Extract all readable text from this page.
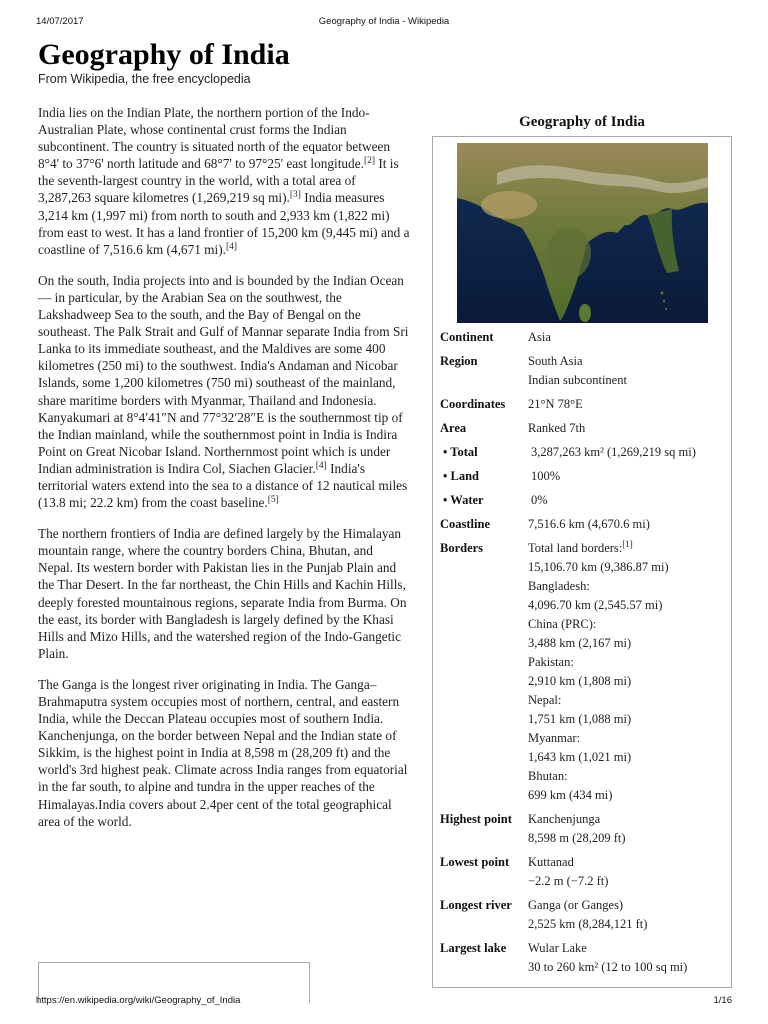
14/07/2017	Geography of India - Wikipedia
Geography of India
From Wikipedia, the free encyclopedia

India lies on the Indian Plate, the northern portion of the Indo-Australian Plate, whose continental crust forms the Indian subcontinent. The country is situated north of the equator between 8°4' to 37°6' north latitude and 68°7' to 97°25' east longitude.[2] It is the seventh-largest country in the world, with a total area of 3,287,263 square kilometres (1,269,219 sq mi).[3] India measures 3,214 km (1,997 mi) from north to south and 2,933 km (1,822 mi) from east to west. It has a land frontier of 15,200 km (9,445 mi) and a coastline of 7,516.6 km (4,671 mi).[4]

On the south, India projects into and is bounded by the Indian Ocean — in particular, by the Arabian Sea on the southwest, the Lakshadweep Sea to the south, and the Bay of Bengal on the southeast. The Palk Strait and Gulf of Mannar separate India from Sri Lanka to its immediate southeast, and the Maldives are some 400 kilometres (250 mi) to the southwest. India's Andaman and Nicobar Islands, some 1,200 kilometres (750 mi) southeast of the mainland, share maritime borders with Myanmar, Thailand and Indonesia. Kanyakumari at 8°4′41″N and 77°32′28″E is the southernmost tip of the Indian mainland, while the southernmost point in India is Indira Point on Great Nicobar Island. Northernmost point which is under Indian administration is Indira Col, Siachen Glacier.[4] India's territorial waters extend into the sea to a distance of 12 nautical miles (13.8 mi; 22.2 km) from the coast baseline.[5]

The northern frontiers of India are defined largely by the Himalayan mountain range, where the country borders China, Bhutan, and Nepal. Its western border with Pakistan lies in the Punjab Plain and the Thar Desert. In the far northeast, the Chin Hills and Kachin Hills, deeply forested mountainous regions, separate India from Burma. On the east, its border with Bangladesh is largely defined by the Khasi Hills and Mizo Hills, and the watershed region of the Indo-Gangetic Plain.

The Ganga is the longest river originating in India. The Ganga–Brahmaputra system occupies most of northern, central, and eastern India, while the Deccan Plateau occupies most of southern India. Kanchenjunga, on the border between Nepal and the Indian state of Sikkim, is the highest point in India at 8,598 m (28,209 ft) and the world's 3rd highest peak. Climate across India ranges from equatorial in the far south, to alpine and tundra in the upper reaches of the Himalayas.India covers about 2.4per cent of the total geographical area of the world.

Geography of India
Continent	Asia
Region	South Asia
Indian subcontinent
Coordinates	21°N 78°E
Area	Ranked 7th
• Total	3,287,263 km² (1,269,219 sq mi)
• Land	100%
• Water	0%
Coastline	7,516.6 km (4,670.6 mi)
Borders	Total land borders:[1]
15,106.70 km (9,386.87 mi)
Bangladesh:
4,096.70 km (2,545.57 mi)
China (PRC):
3,488 km (2,167 mi)
Pakistan:
2,910 km (1,808 mi)
Nepal:
1,751 km (1,088 mi)
Myanmar:
1,643 km (1,021 mi)
Bhutan:
699 km (434 mi)
Highest point	Kanchenjunga
8,598 m (28,209 ft)
Lowest point	Kuttanad
−2.2 m (−7.2 ft)
Longest river	Ganga (or Ganges)
2,525 km (8,284,121 ft)
Largest lake	Wular Lake
30 to 260 km² (12 to 100 sq mi)
https://en.wikipedia.org/wiki/Geography_of_India	1/16
